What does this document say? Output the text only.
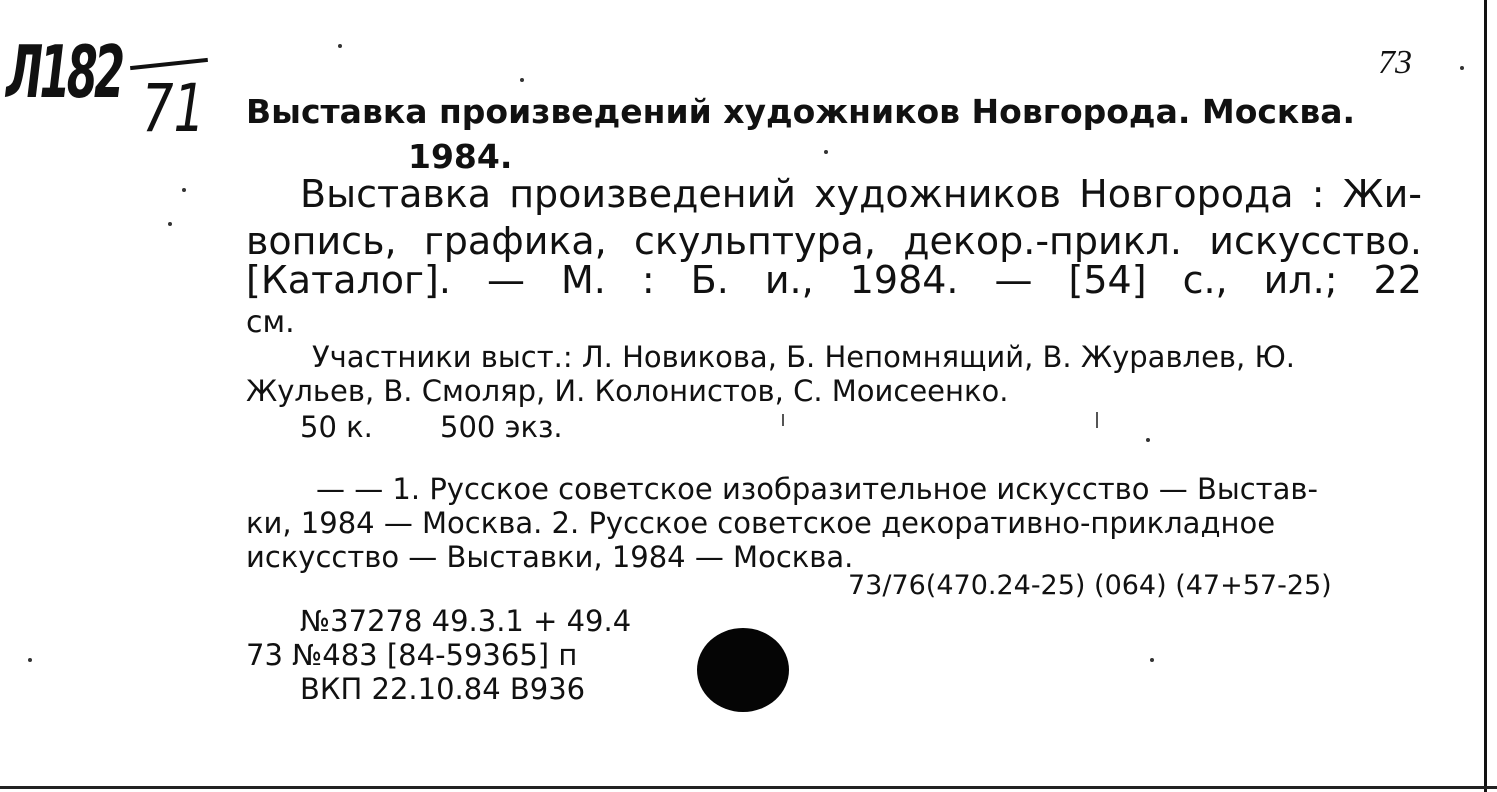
Л182 71
73
Выставка произведений художников Новгорода. Москва.
1984.
Выставка произведений художников Новгорода : Жи-
вопись, графика, скульптура, декор.-прикл. искусство.
[Каталог]. — М. : Б. и., 1984. — [54] с., ил.; 22
см.
Участники выст.: Л. Новикова, Б. Непомнящий, В. Журавлев, Ю.
Жульев, В. Смоляр, И. Колонистов, С. Моисеенко.
50 к. 500 экз.
— — 1. Русское советское изобразительное искусство — Выстав-
ки, 1984 — Москва. 2. Русское советское декоративно-прикладное
искусство — Выставки, 1984 — Москва.
73/76(470.24-25) (064) (47+57-25)
№37278 49.3.1 + 49.4
73 №483 [84-59365] п
ВКП 22.10.84 В936
